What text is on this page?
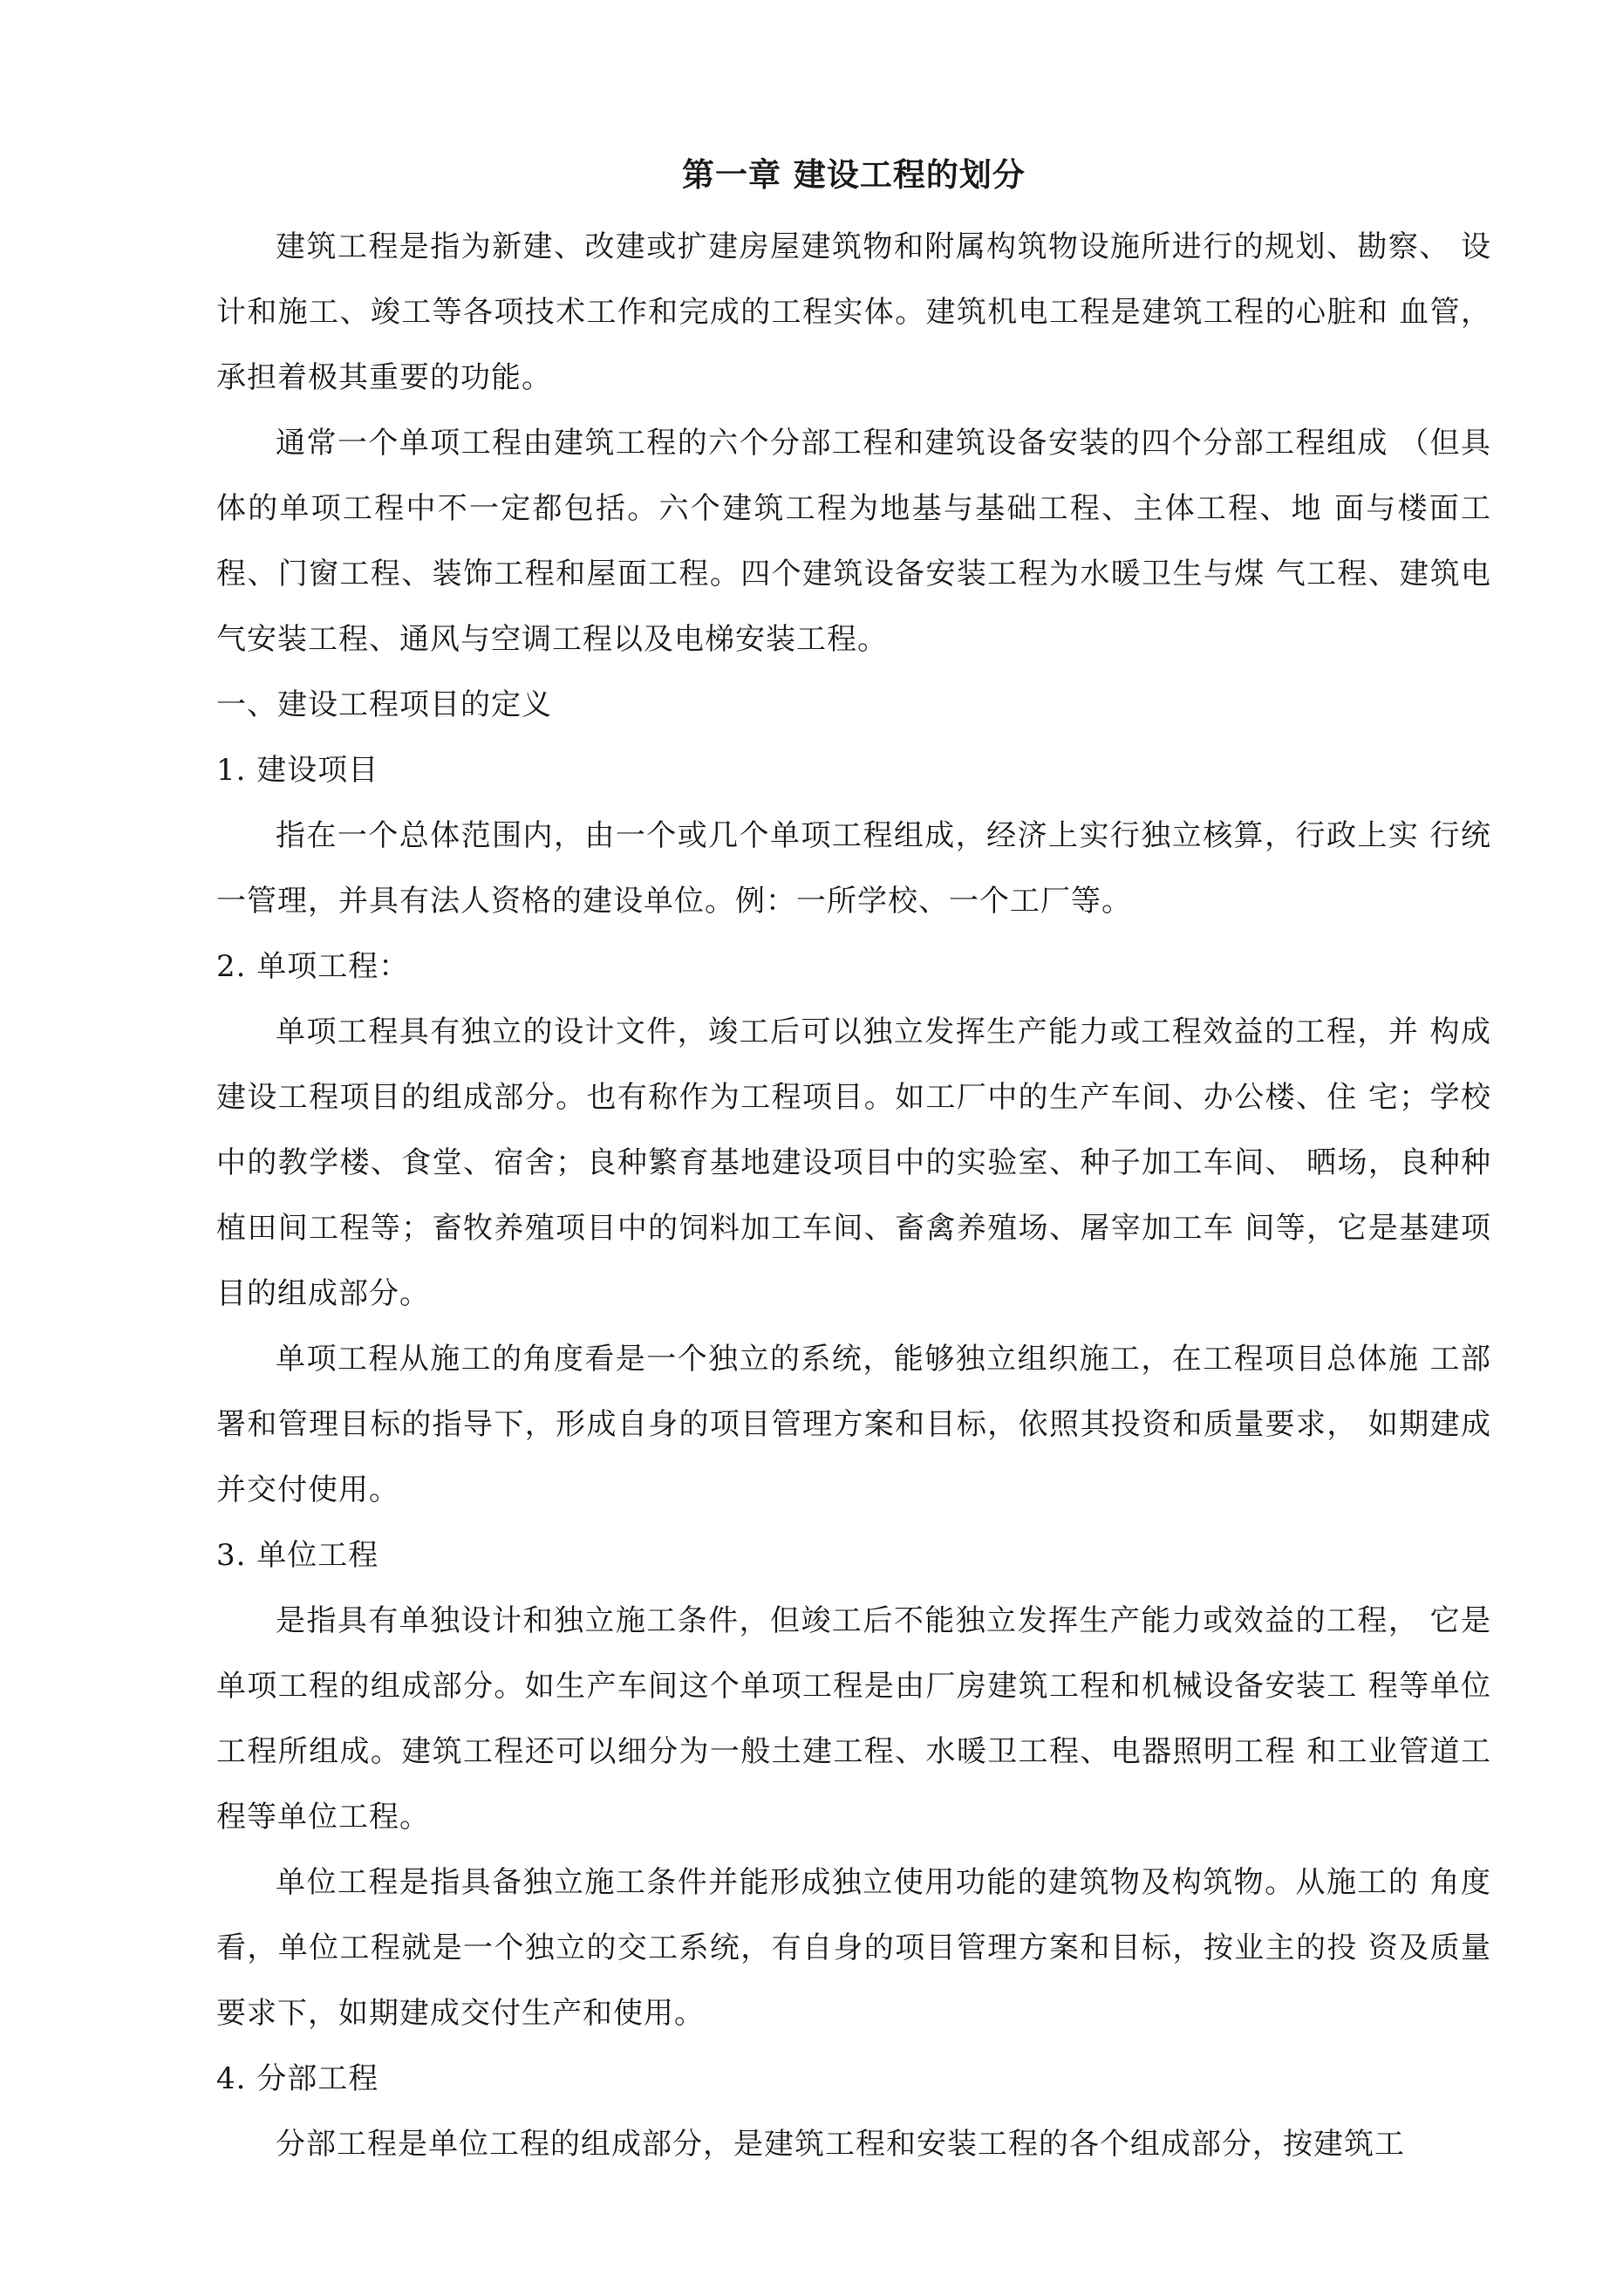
第一章 建设工程的划分

建筑工程是指为新建、改建或扩建房屋建筑物和附属构筑物设施所进行的规划、勘察、 设计和施工、竣工等各项技术工作和完成的工程实体。建筑机电工程是建筑工程的心脏和 血管，承担着极其重要的功能。

通常一个单项工程由建筑工程的六个分部工程和建筑设备安装的四个分部工程组成 （但具体的单项工程中不一定都包括。六个建筑工程为地基与基础工程、主体工程、地 面与楼面工程、门窗工程、装饰工程和屋面工程。四个建筑设备安装工程为水暖卫生与煤 气工程、建筑电气安装工程、通风与空调工程以及电梯安装工程。

一、建设工程项目的定义

1. 建设项目

指在一个总体范围内，由一个或几个单项工程组成，经济上实行独立核算，行政上实 行统一管理，并具有法人资格的建设单位。例：一所学校、一个工厂等。

2. 单项工程：

单项工程具有独立的设计文件，竣工后可以独立发挥生产能力或工程效益的工程，并 构成建设工程项目的组成部分。也有称作为工程项目。如工厂中的生产车间、办公楼、住 宅；学校中的教学楼、食堂、宿舍；良种繁育基地建设项目中的实验室、种子加工车间、 晒场，良种种植田间工程等；畜牧养殖项目中的饲料加工车间、畜禽养殖场、屠宰加工车 间等，它是基建项目的组成部分。

单项工程从施工的角度看是一个独立的系统，能够独立组织施工，在工程项目总体施 工部署和管理目标的指导下，形成自身的项目管理方案和目标，依照其投资和质量要求， 如期建成并交付使用。

3. 单位工程

是指具有单独设计和独立施工条件，但竣工后不能独立发挥生产能力或效益的工程， 它是单项工程的组成部分。如生产车间这个单项工程是由厂房建筑工程和机械设备安装工 程等单位工程所组成。建筑工程还可以细分为一般土建工程、水暖卫工程、电器照明工程 和工业管道工程等单位工程。

单位工程是指具备独立施工条件并能形成独立使用功能的建筑物及构筑物。从施工的 角度看，单位工程就是一个独立的交工系统，有自身的项目管理方案和目标，按业主的投 资及质量要求下，如期建成交付生产和使用。

4. 分部工程

分部工程是单位工程的组成部分，是建筑工程和安装工程的各个组成部分，按建筑工
